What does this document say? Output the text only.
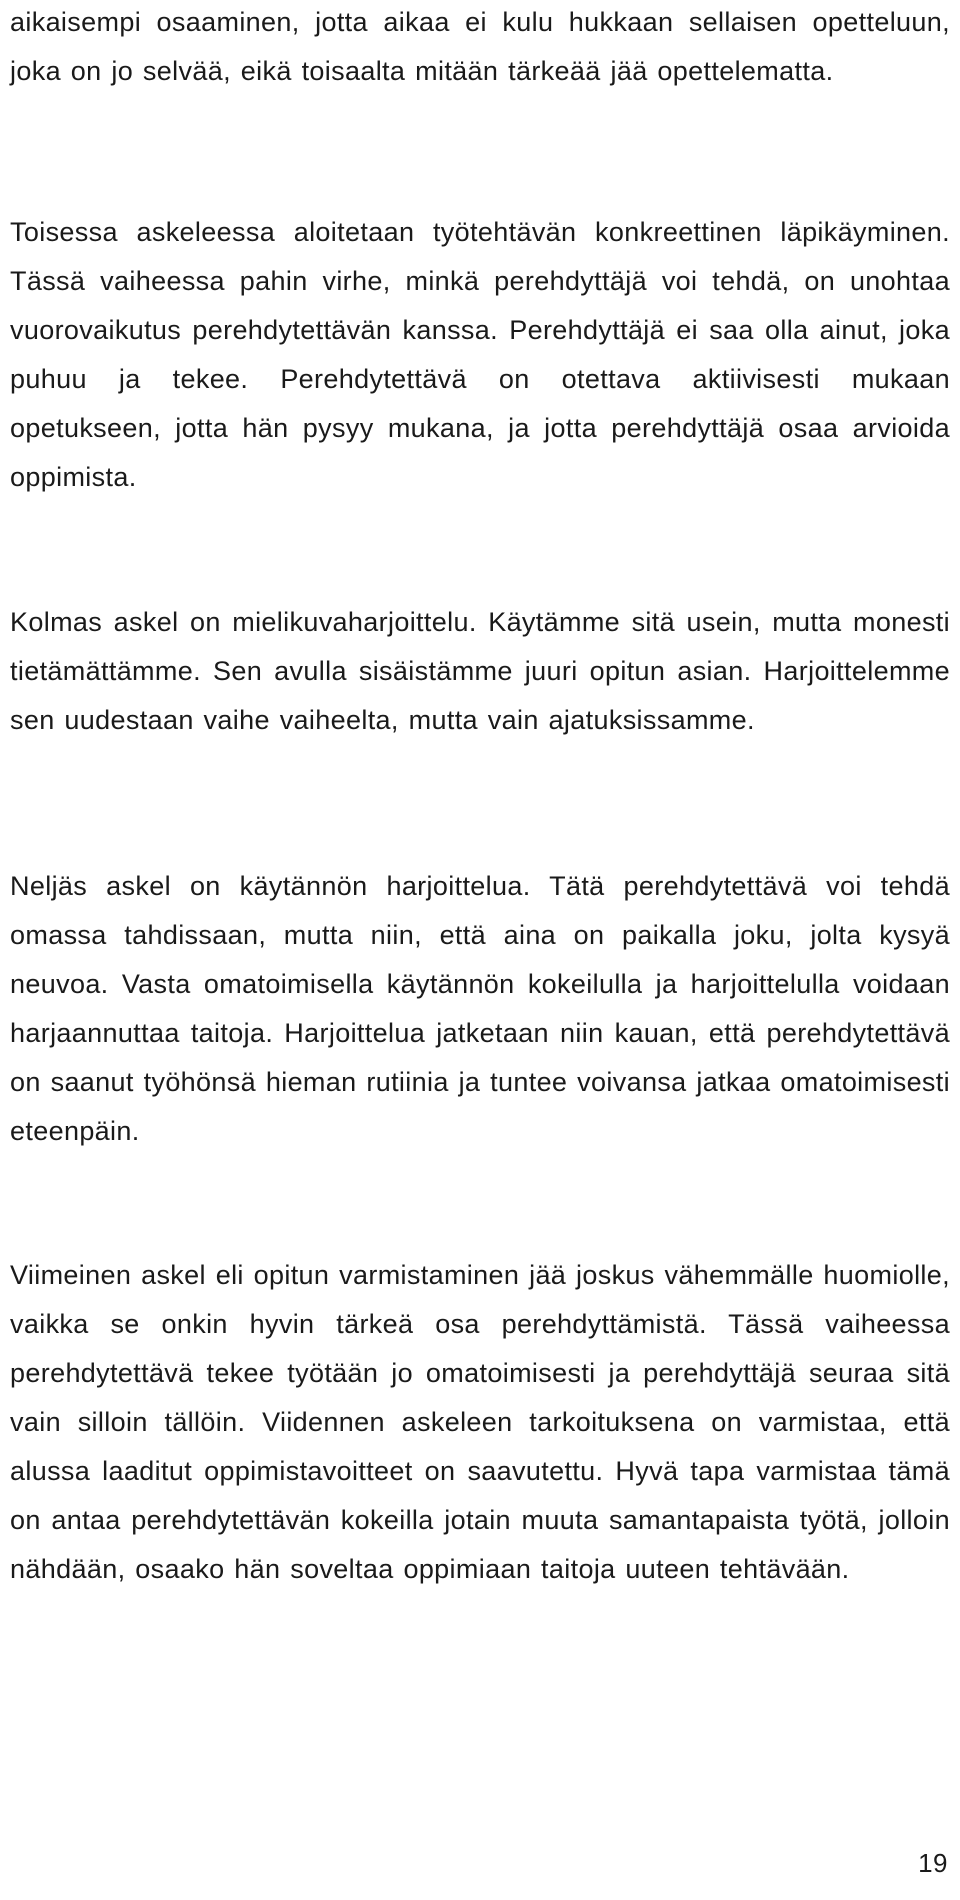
aikaisempi osaaminen, jotta aikaa ei kulu hukkaan sellaisen opetteluun, joka on jo selvää, eikä toisaalta mitään tärkeää jää opettelematta.

Toisessa askeleessa aloitetaan työtehtävän konkreettinen läpikäyminen. Tässä vaiheessa pahin virhe, minkä perehdyttäjä voi tehdä, on unohtaa vuorovaikutus perehdytettävän kanssa. Perehdyttäjä ei saa olla ainut, joka puhuu ja tekee. Perehdytettävä on otettava aktiivisesti mukaan opetukseen, jotta hän pysyy mukana, ja jotta perehdyttäjä osaa arvioida oppimista.

Kolmas askel on mielikuvaharjoittelu. Käytämme sitä usein, mutta monesti tietämättämme. Sen avulla sisäistämme juuri opitun asian. Harjoittelemme sen uudestaan vaihe vaiheelta, mutta vain ajatuksissamme.

Neljäs askel on käytännön harjoittelua. Tätä perehdytettävä voi tehdä omassa tahdissaan, mutta niin, että aina on paikalla joku, jolta kysyä neuvoa. Vasta omatoimisella käytännön kokeilulla ja harjoittelulla voidaan harjaannuttaa taitoja. Harjoittelua jatketaan niin kauan, että perehdytettävä on saanut työhönsä hieman rutiinia ja tuntee voivansa jatkaa omatoimisesti eteenpäin.

Viimeinen askel eli opitun varmistaminen jää joskus vähemmälle huomiolle, vaikka se onkin hyvin tärkeä osa perehdyttämistä. Tässä vaiheessa perehdytettävä tekee työtään jo omatoimisesti ja perehdyttäjä seuraa sitä vain silloin tällöin. Viidennen askeleen tarkoituksena on varmistaa, että alussa laaditut oppimistavoitteet on saavutettu. Hyvä tapa varmistaa tämä on antaa perehdytettävän kokeilla jotain muuta samantapaista työtä, jolloin nähdään, osaako hän soveltaa oppimiaan taitoja uuteen tehtävään.

19
